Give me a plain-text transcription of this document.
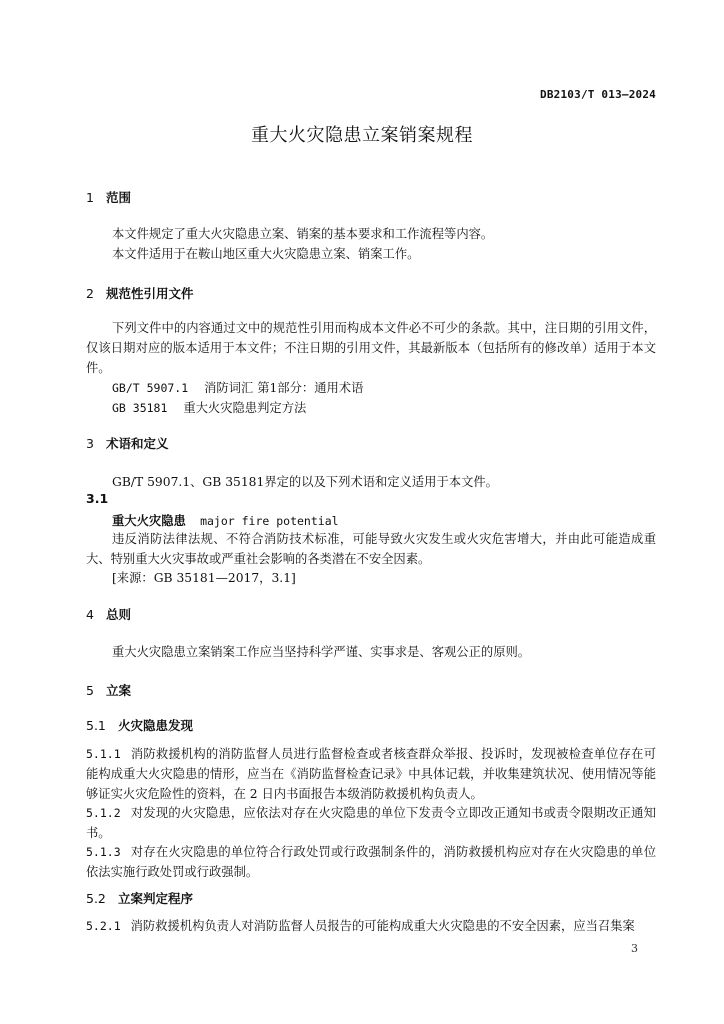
DB2103/T 013—2024
重大火灾隐患立案销案规程
1 范围
本文件规定了重大火灾隐患立案、销案的基本要求和工作流程等内容。
本文件适用于在鞍山地区重大火灾隐患立案、销案工作。
2 规范性引用文件
下列文件中的内容通过文中的规范性引用而构成本文件必不可少的条款。其中，注日期的引用文件，仅该日期对应的版本适用于本文件；不注日期的引用文件，其最新版本（包括所有的修改单）适用于本文件。
GB/T 5907.1 消防词汇 第1部分：通用术语
GB 35181 重大火灾隐患判定方法
3 术语和定义
GB/T 5907.1、GB 35181界定的以及下列术语和定义适用于本文件。
3.1
重大火灾隐患 major fire potential
违反消防法律法规、不符合消防技术标准，可能导致火灾发生或火灾危害增大，并由此可能造成重大、特别重大火灾事故或严重社会影响的各类潜在不安全因素。
[来源：GB 35181—2017，3.1]
4 总则
重大火灾隐患立案销案工作应当坚持科学严谨、实事求是、客观公正的原则。
5 立案
5.1 火灾隐患发现
5.1.1 消防救援机构的消防监督人员进行监督检查或者核查群众举报、投诉时，发现被检查单位存在可能构成重大火灾隐患的情形，应当在《消防监督检查记录》中具体记载，并收集建筑状况、使用情况等能够证实火灾危险性的资料，在 2 日内书面报告本级消防救援机构负责人。
5.1.2 对发现的火灾隐患，应依法对存在火灾隐患的单位下发责令立即改正通知书或责令限期改正通知书。
5.1.3 对存在火灾隐患的单位符合行政处罚或行政强制条件的，消防救援机构应对存在火灾隐患的单位依法实施行政处罚或行政强制。
5.2 立案判定程序
5.2.1 消防救援机构负责人对消防监督人员报告的可能构成重大火灾隐患的不安全因素，应当召集案
3
